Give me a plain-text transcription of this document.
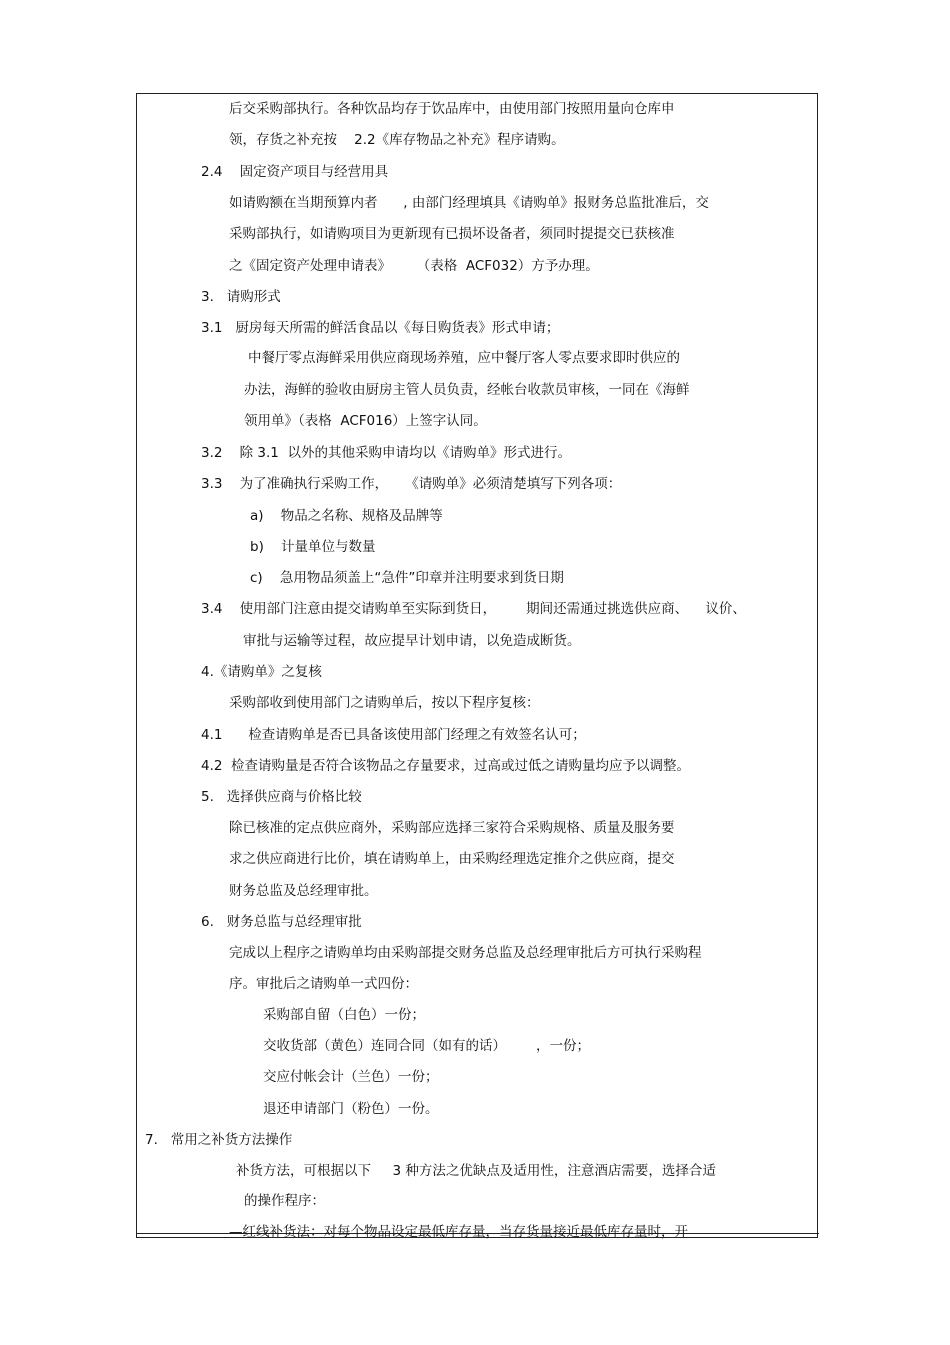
后交采购部执行。各种饮品均存于饮品库中，由使用部门按照用量向仓库申
领，存货之补充按    2.2《库存物品之补充》程序请购。
2.4    固定资产项目与经营用具
如请购额在当期预算内者      , 由部门经理填具《请购单》报财务总监批准后，交
采购部执行，如请购项目为更新现有已损坏设备者，须同时提提交已获核准
之《固定资产处理申请表》      （表格  ACF032）方予办理。
3.   请购形式
3.1   厨房每天所需的鲜活食品以《每日购货表》形式申请；
中餐厅零点海鲜采用供应商现场养殖，应中餐厅客人零点要求即时供应的
办法，海鲜的验收由厨房主管人员负责，经帐台收款员审核，一同在《海鲜
领用单》（表格  ACF016）上签字认同。
3.2    除 3.1  以外的其他采购申请均以《请购单》形式进行。
3.3    为了准确执行采购工作，    《请购单》必须清楚填写下列各项：
a)    物品之名称、规格及品牌等
b)    计量单位与数量
c)    急用物品须盖上“急件”印章并注明要求到货日期
3.4    使用部门注意由提交请购单至实际到货日，       期间还需通过挑选供应商、    议价、
审批与运输等过程，故应提早计划申请，以免造成断货。
4.《请购单》之复核
采购部收到使用部门之请购单后，按以下程序复核：
4.1      检查请购单是否已具备该使用部门经理之有效签名认可；
4.2  检查请购量是否符合该物品之存量要求，过高或过低之请购量均应予以调整。
5.   选择供应商与价格比较
除已核准的定点供应商外，采购部应选择三家符合采购规格、质量及服务要
求之供应商进行比价，填在请购单上，由采购经理选定推介之供应商，提交
财务总监及总经理审批。
6.   财务总监与总经理审批
完成以上程序之请购单均由采购部提交财务总监及总经理审批后方可执行采购程
序。审批后之请购单一式四份：
采购部自留（白色）一份；
交收货部（黄色）连同合同（如有的话）       ，一份；
交应付帐会计（兰色）一份；
退还申请部门（粉色）一份。
7.   常用之补货方法操作
补货方法，可根据以下     3 种方法之优缺点及适用性，注意酒店需要，选择合适
的操作程序：
—红线补货法：对每个物品设定最低库存量，当存货量接近最低库存量时，开
